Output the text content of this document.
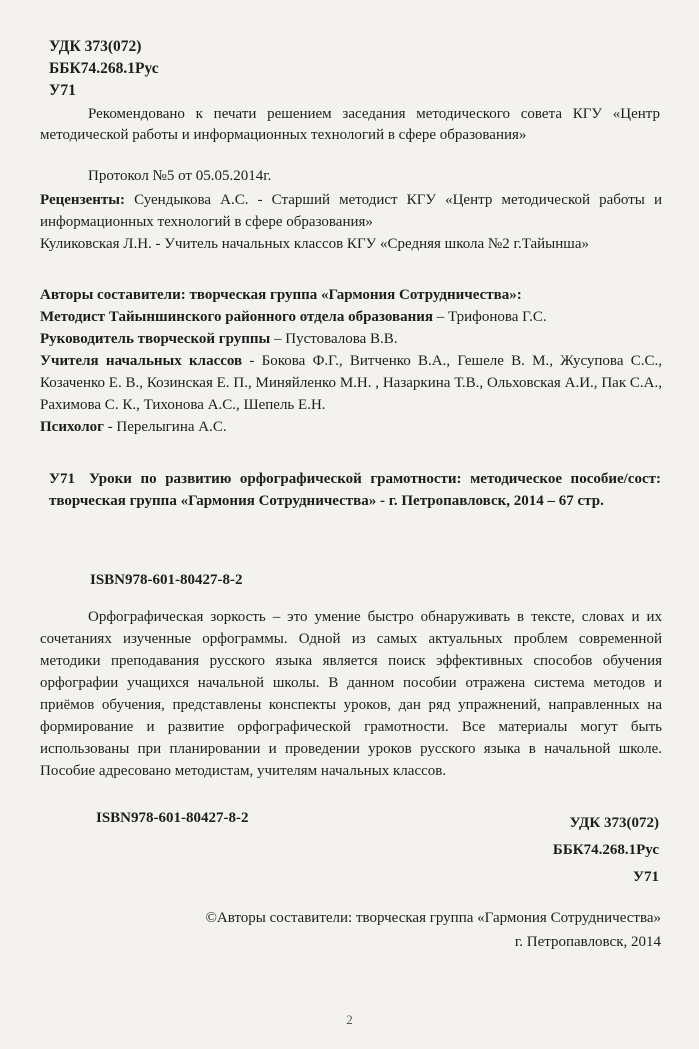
УДК 373(072)
ББК74.268.1Рус
У71
Рекомендовано к печати решением заседания методического совета КГУ «Центр методической работы и информационных технологий в сфере образования»
Протокол №5 от 05.05.2014г.
Рецензенты: Суендыкова А.С. - Старший методист КГУ «Центр методической работы и информационных технологий в сфере образования»
Куликовская Л.Н. - Учитель начальных классов КГУ «Средняя школа №2 г.Тайынша»

Авторы составители: творческая группа «Гармония Сотрудничества»:

Методист Тайыншинского районного отдела образования – Трифонова Г.С.

Руководитель творческой группы – Пустовалова В.В.

Учителя начальных классов - Бокова Ф.Г., Витченко В.А., Гешеле В. М., Жусупова С.С., Козаченко Е. В., Козинская Е. П., Миняйленко М.Н. , Назаркина Т.В., Ольховская А.И., Пак С.А., Рахимова С. К., Тихонова А.С., Шепель Е.Н.

Психолог - Перелыгина А.С.

У71 Уроки по развитию орфографической грамотности: методическое пособие/сост: творческая группа «Гармония Сотрудничества» - г. Петропавловск, 2014 – 67 стр.
ISBN978-601-80427-8-2
Орфографическая зоркость – это умение быстро обнаруживать в тексте, словах и их сочетаниях изученные орфограммы. Одной из самых актуальных проблем современной методики преподавания русского языка является поиск эффективных способов обучения орфографии учащихся начальной школы. В данном пособии отражена система методов и приёмов обучения, представлены конспекты уроков, дан ряд упражнений, направленных на формирование и развитие орфографической грамотности. Все материалы могут быть использованы при планировании и проведении уроков русского языка в начальной школе. Пособие адресовано методистам, учителям начальных классов.
ISBN978-601-80427-8-2	УДК 373(072)
ББК74.268.1Рус
У71
©Авторы составители: творческая группа «Гармония Сотрудничества»
г. Петропавловск, 2014
2
